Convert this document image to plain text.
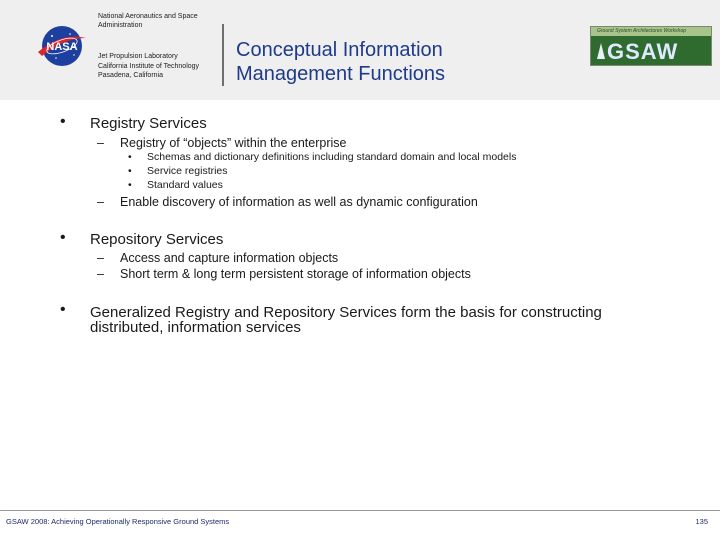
NASA
National Aeronautics and Space Administration
Jet Propulsion Laboratory
California Institute of Technology
Pasadena, California
Conceptual Information
Management Functions
Ground System Architectures Workshop
GSAW
• Registry Services
– Registry of “objects” within the enterprise
• Schemas and dictionary definitions including standard domain and local models
• Service registries
• Standard values
– Enable discovery of information as well as dynamic configuration
• Repository Services
– Access and capture information objects
– Short term & long term persistent storage of information objects
• Generalized Registry and Repository Services form the basis for constructing
distributed, information services
GSAW 2008: Achieving Operationally Responsive Ground Systems	135
